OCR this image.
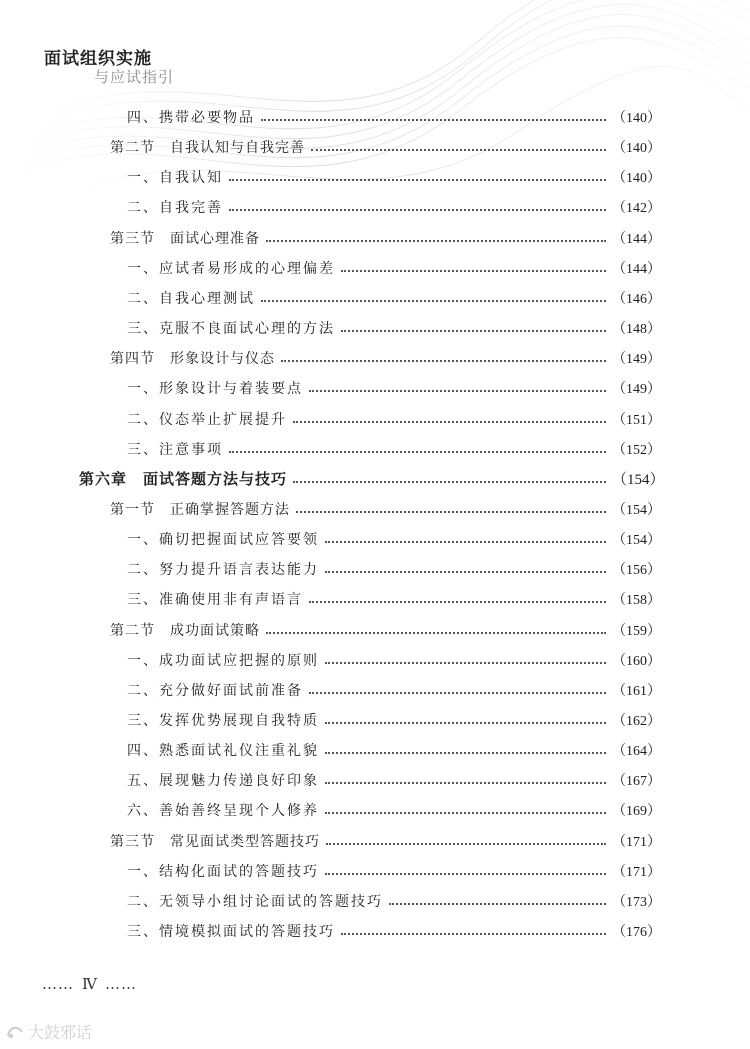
面试组织实施
与应试指引
四、携带必要物品	（140）
第二节　自我认知与自我完善	（140）
一、自我认知	（140）
二、自我完善	（142）
第三节　面试心理准备	（144）
一、应试者易形成的心理偏差	（144）
二、自我心理测试	（146）
三、克服不良面试心理的方法	（148）
第四节　形象设计与仪态	（149）
一、形象设计与着装要点	（149）
二、仪态举止扩展提升	（151）
三、注意事项	（152）
第六章　面试答题方法与技巧	（154）
第一节　正确掌握答题方法	（154）
一、确切把握面试应答要领	（154）
二、努力提升语言表达能力	（156）
三、准确使用非有声语言	（158）
第二节　成功面试策略	（159）
一、成功面试应把握的原则	（160）
二、充分做好面试前准备	（161）
三、发挥优势展现自我特质	（162）
四、熟悉面试礼仪注重礼貌	（164）
五、展现魅力传递良好印象	（167）
六、善始善终呈现个人修养	（169）
第三节　常见面试类型答题技巧	（171）
一、结构化面试的答题技巧	（171）
二、无领导小组讨论面试的答题技巧	（173）
三、情境模拟面试的答题技巧	（176）
…… Ⅳ ……
大鼓邪话
